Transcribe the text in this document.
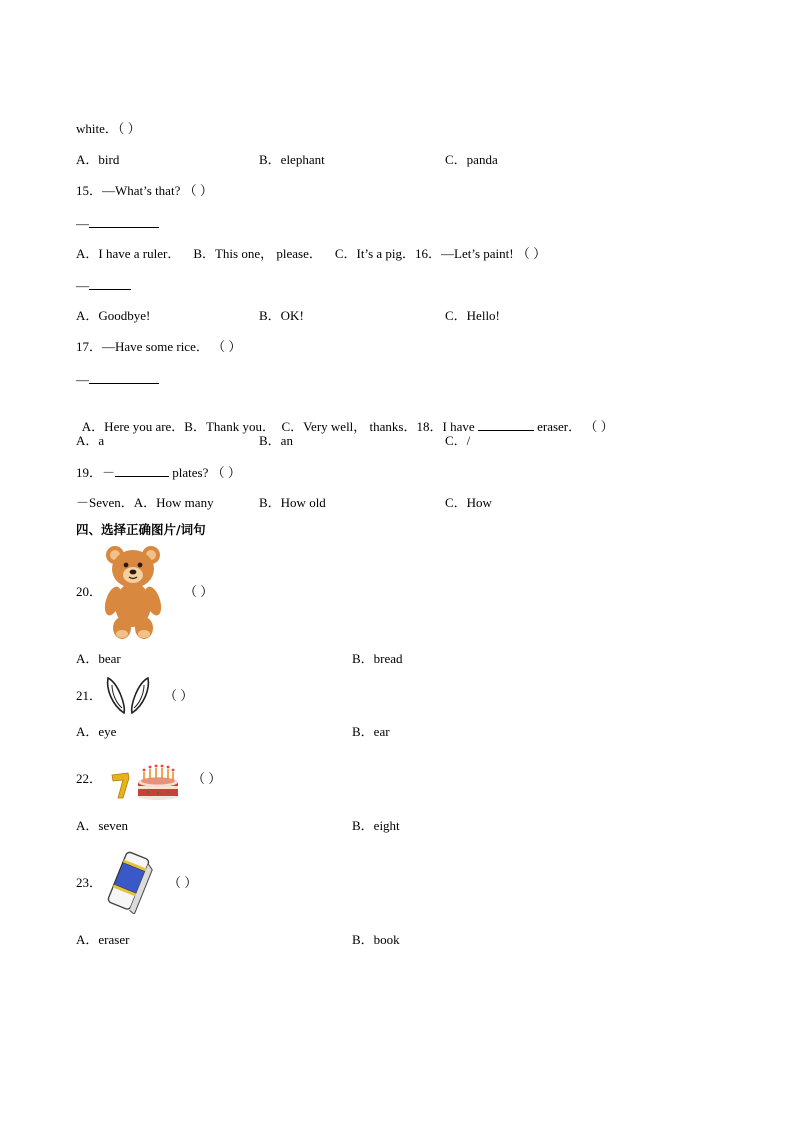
white．（ ）
A．bird	B．elephant	C．panda
15．—What’s that? （ ）
—
A．I have a ruler．    B．This one， please．    C．It’s a pig．16．—Let’s paint! （ ）
—
A．Goodbye!	B．OK!	C．Hello!
17．—Have some rice． （ ）
—

A．Here you are．B．Thank you．  C．Very well， thanks．18．I have	eraser． （ ）

A．a	B．an	C．/
19．－	plates? （ ）
－Seven．A．How many	B．How old	C．How
四、选择正确图片/词句
20．	（ ）
A．bear	B．bread
21．	（ ）
A．eye	B．ear
22．	（ ）
A．seven	B．eight
23．	（ ）
A．eraser	B．book
